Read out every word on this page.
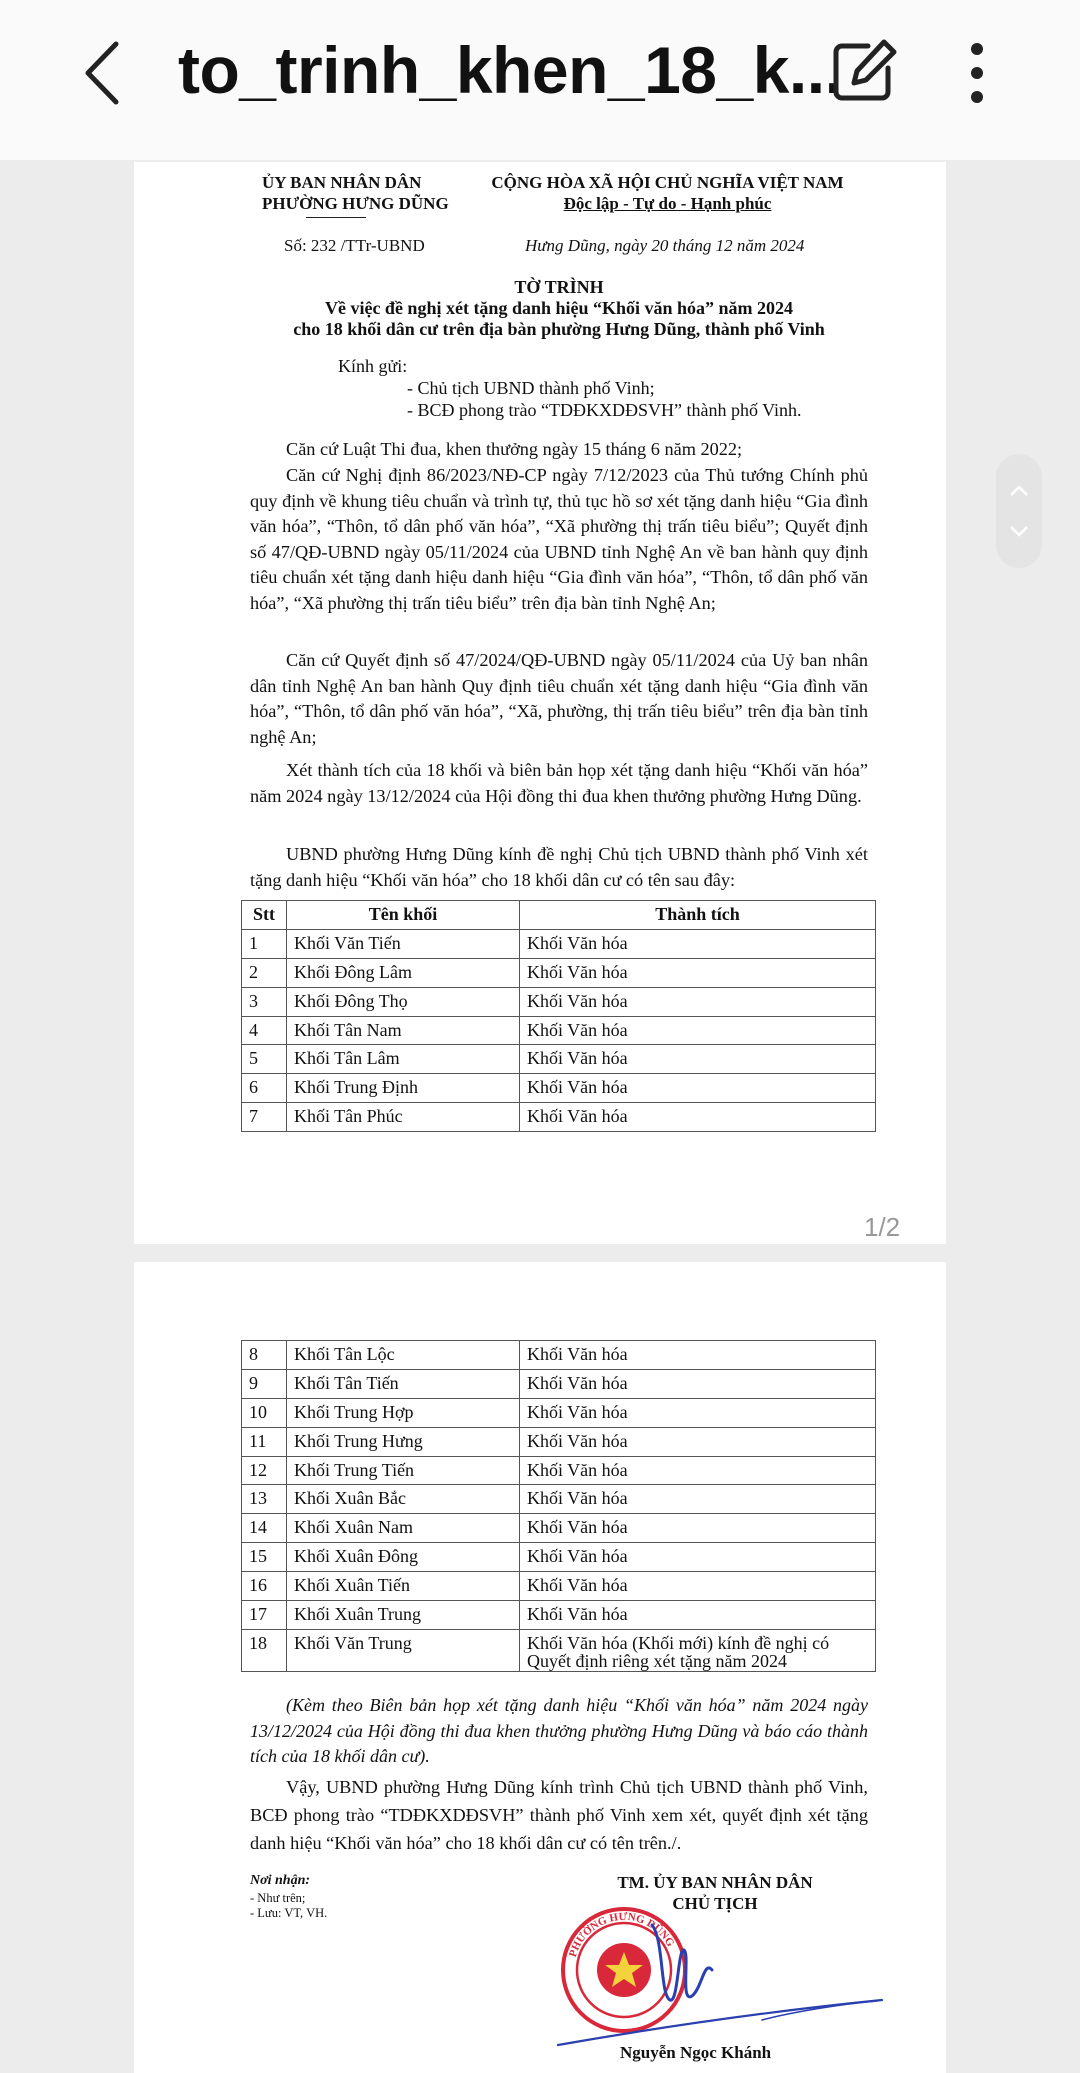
to_trinh_khen_18_k...
ỦY BAN NHÂN DÂN
PHƯỜNG HƯNG DŨNG
CỘNG HÒA XÃ HỘI CHỦ NGHĨA VIỆT NAM
Độc lập - Tự do - Hạnh phúc
Số: 232 /TTr-UBND	Hưng Dũng, ngày 20 tháng 12 năm 2024
TỜ TRÌNH
Về việc đề nghị xét tặng danh hiệu “Khối văn hóa” năm 2024
cho 18 khối dân cư trên địa bàn phường Hưng Dũng, thành phố Vinh
Kính gửi:
- Chủ tịch UBND thành phố Vinh;
- BCĐ phong trào “TDĐKXDĐSVH” thành phố Vinh.
Căn cứ Luật Thi đua, khen thưởng ngày 15 tháng 6 năm 2022;
Căn cứ Nghị định 86/2023/NĐ-CP ngày 7/12/2023 của Thủ tướng Chính phủ quy định về khung tiêu chuẩn và trình tự, thủ tục hồ sơ xét tặng danh hiệu “Gia đình văn hóa”, “Thôn, tổ dân phố văn hóa”, “Xã phường thị trấn tiêu biểu”; Quyết định số 47/QĐ-UBND ngày 05/11/2024 của UBND tỉnh Nghệ An về ban hành quy định tiêu chuẩn xét tặng danh hiệu danh hiệu “Gia đình văn hóa”, “Thôn, tổ dân phố văn hóa”, “Xã phường thị trấn tiêu biểu” trên địa bàn tỉnh Nghệ An;
Căn cứ Quyết định số 47/2024/QĐ-UBND ngày 05/11/2024 của Uỷ ban nhân dân tỉnh Nghệ An ban hành Quy định tiêu chuẩn xét tặng danh hiệu “Gia đình văn hóa”, “Thôn, tổ dân phố văn hóa”, “Xã, phường, thị trấn tiêu biểu” trên địa bàn tỉnh nghệ An;
Xét thành tích của 18 khối và biên bản họp xét tặng danh hiệu “Khối văn hóa” năm 2024 ngày 13/12/2024 của Hội đồng thi đua khen thưởng phường Hưng Dũng.
UBND phường Hưng Dũng kính đề nghị Chủ tịch UBND thành phố Vinh xét tặng danh hiệu “Khối văn hóa” cho 18 khối dân cư có tên sau đây:
Stt	Tên khối	Thành tích
1	Khối Văn Tiến	Khối Văn hóa
2	Khối Đông Lâm	Khối Văn hóa
3	Khối Đông Thọ	Khối Văn hóa
4	Khối Tân Nam	Khối Văn hóa
5	Khối Tân Lâm	Khối Văn hóa
6	Khối Trung Định	Khối Văn hóa
7	Khối Tân Phúc	Khối Văn hóa
1/2
8	Khối Tân Lộc	Khối Văn hóa
9	Khối Tân Tiến	Khối Văn hóa
10	Khối Trung Hợp	Khối Văn hóa
11	Khối Trung Hưng	Khối Văn hóa
12	Khối Trung Tiến	Khối Văn hóa
13	Khối Xuân Bắc	Khối Văn hóa
14	Khối Xuân Nam	Khối Văn hóa
15	Khối Xuân Đông	Khối Văn hóa
16	Khối Xuân Tiến	Khối Văn hóa
17	Khối Xuân Trung	Khối Văn hóa
18	Khối Văn Trung	Khối Văn hóa (Khối mới) kính đề nghị có
Quyết định riêng xét tặng năm 2024
(Kèm theo Biên bản họp xét tặng danh hiệu “Khối văn hóa” năm 2024 ngày 13/12/2024 của Hội đồng thi đua khen thưởng phường Hưng Dũng và báo cáo thành tích của 18 khối dân cư).
Vậy, UBND phường Hưng Dũng kính trình Chủ tịch UBND thành phố Vinh, BCĐ phong trào “TDĐKXDĐSVH” thành phố Vinh xem xét, quyết định xét tặng danh hiệu “Khối văn hóa” cho 18 khối dân cư có tên trên./.
Nơi nhận:
- Như trên;
- Lưu: VT, VH.
TM. ỦY BAN NHÂN DÂN
CHỦ TỊCH
PHƯỜNG HƯNG DŨNG
Nguyễn Ngọc Khánh
